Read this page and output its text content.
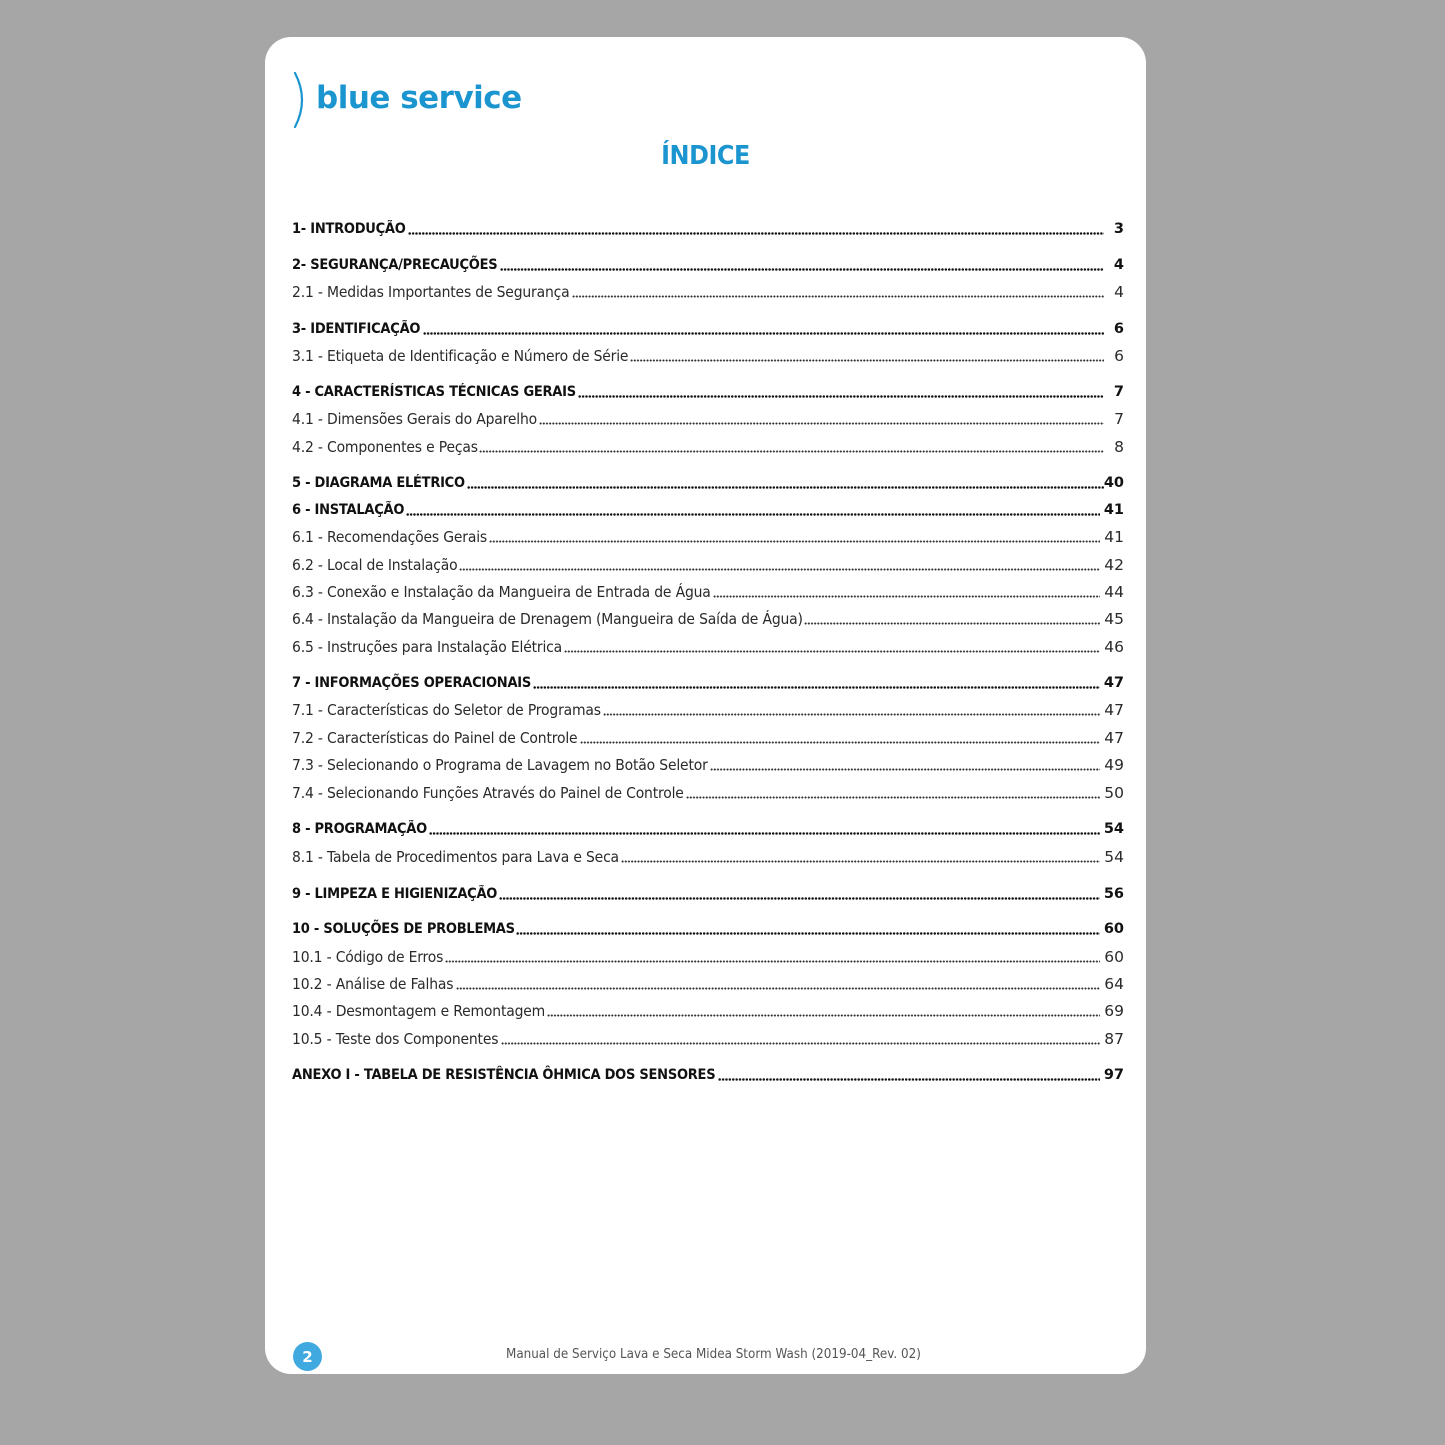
blue service
ÍNDICE
1- INTRODUÇÃO	3
2- SEGURANÇA/PRECAUÇÕES	4
2.1 - Medidas Importantes de Segurança	4
3- IDENTIFICAÇÃO	6
3.1 - Etiqueta de Identificação e Número de Série	6
4 - CARACTERÍSTICAS TÉCNICAS GERAIS	7
4.1 - Dimensões Gerais do Aparelho	7
4.2 - Componentes e Peças	8
5 - DIAGRAMA ELÉTRICO	40
6 - INSTALAÇÃO	41
6.1 - Recomendações Gerais	41
6.2 - Local de Instalação	42
6.3 - Conexão e Instalação da Mangueira de Entrada de Água	44
6.4 - Instalação da Mangueira de Drenagem (Mangueira de Saída de Água)	45
6.5 - Instruções para Instalação Elétrica	46
7 - INFORMAÇÕES OPERACIONAIS	47
7.1 - Características do Seletor de Programas	47
7.2 - Características do Painel de Controle	47
7.3 - Selecionando o Programa de Lavagem no Botão Seletor	49
7.4 - Selecionando Funções Através do Painel de Controle	50
8 - PROGRAMAÇÃO	54
8.1 - Tabela de Procedimentos para Lava e Seca	54
9 - LIMPEZA E HIGIENIZAÇÃO	56
10 - SOLUÇÕES DE PROBLEMAS	60
10.1 - Código de Erros	60
10.2 - Análise de Falhas	64
10.4 - Desmontagem e Remontagem	69
10.5 - Teste dos Componentes	87
ANEXO I - TABELA DE RESISTÊNCIA ÔHMICA DOS SENSORES	97
2	Manual de Serviço Lava e Seca Midea Storm Wash (2019-04_Rev. 02)
